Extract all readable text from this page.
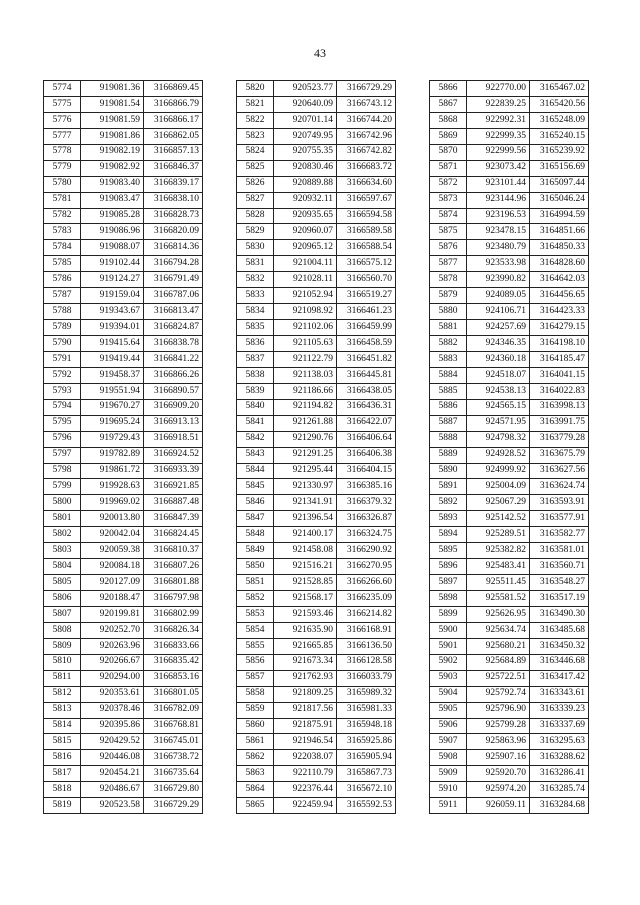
43
5774	919081.36	3166869.45
5775	919081.54	3166866.79
5776	919081.59	3166866.17
5777	919081.86	3166862.05
5778	919082.19	3166857.13
5779	919082.92	3166846.37
5780	919083.40	3166839.17
5781	919083.47	3166838.10
5782	919085.28	3166828.73
5783	919086.96	3166820.09
5784	919088.07	3166814.36
5785	919102.44	3166794.28
5786	919124.27	3166791.49
5787	919159.04	3166787.06
5788	919343.67	3166813.47
5789	919394.01	3166824.87
5790	919415.64	3166838.78
5791	919419.44	3166841.22
5792	919458.37	3166866.26
5793	919551.94	3166890.57
5794	919670.27	3166909.20
5795	919695.24	3166913.13
5796	919729.43	3166918.51
5797	919782.89	3166924.52
5798	919861.72	3166933.39
5799	919928.63	3166921.85
5800	919969.02	3166887.48
5801	920013.80	3166847.39
5802	920042.04	3166824.45
5803	920059.38	3166810.37
5804	920084.18	3166807.26
5805	920127.09	3166801.88
5806	920188.47	3166797.98
5807	920199.81	3166802.99
5808	920252.70	3166826.34
5809	920263.96	3166833.66
5810	920266.67	3166835.42
5811	920294.00	3166853.16
5812	920353.61	3166801.05
5813	920378.46	3166782.09
5814	920395.86	3166768.81
5815	920429.52	3166745.01
5816	920446.08	3166738.72
5817	920454.21	3166735.64
5818	920486.67	3166729.80
5819	920523.58	3166729.29
5820	920523.77	3166729.29
5821	920640.09	3166743.12
5822	920701.14	3166744.20
5823	920749.95	3166742.96
5824	920755.35	3166742.82
5825	920830.46	3166683.72
5826	920889.88	3166634.60
5827	920932.11	3166597.67
5828	920935.65	3166594.58
5829	920960.07	3166589.58
5830	920965.12	3166588.54
5831	921004.11	3166575.12
5832	921028.11	3166560.70
5833	921052.94	3166519.27
5834	921098.92	3166461.23
5835	921102.06	3166459.99
5836	921105.63	3166458.59
5837	921122.79	3166451.82
5838	921138.03	3166445.81
5839	921186.66	3166438.05
5840	921194.82	3166436.31
5841	921261.88	3166422.07
5842	921290.76	3166406.64
5843	921291.25	3166406.38
5844	921295.44	3166404.15
5845	921330.97	3166385.16
5846	921341.91	3166379.32
5847	921396.54	3166326.87
5848	921400.17	3166324.75
5849	921458.08	3166290.92
5850	921516.21	3166270.95
5851	921528.85	3166266.60
5852	921568.17	3166235.09
5853	921593.46	3166214.82
5854	921635.90	3166168.91
5855	921665.85	3166136.50
5856	921673.34	3166128.58
5857	921762.93	3166033.79
5858	921809.25	3165989.32
5859	921817.56	3165981.33
5860	921875.91	3165948.18
5861	921946.54	3165925.86
5862	922038.07	3165905.94
5863	922110.79	3165867.73
5864	922376.44	3165672.10
5865	922459.94	3165592.53
5866	922770.00	3165467.02
5867	922839.25	3165420.56
5868	922992.31	3165248.09
5869	922999.35	3165240.15
5870	922999.56	3165239.92
5871	923073.42	3165156.69
5872	923101.44	3165097.44
5873	923144.96	3165046.24
5874	923196.53	3164994.59
5875	923478.15	3164851.66
5876	923480.79	3164850.33
5877	923533.98	3164828.60
5878	923990.82	3164642.03
5879	924089.05	3164456.65
5880	924106.71	3164423.33
5881	924257.69	3164279.15
5882	924346.35	3164198.10
5883	924360.18	3164185.47
5884	924518.07	3164041.15
5885	924538.13	3164022.83
5886	924565.15	3163998.13
5887	924571.95	3163991.75
5888	924798.32	3163779.28
5889	924928.52	3163675.79
5890	924999.92	3163627.56
5891	925004.09	3163624.74
5892	925067.29	3163593.91
5893	925142.52	3163577.91
5894	925289.51	3163582.77
5895	925382.82	3163581.01
5896	925483.41	3163560.71
5897	925511.45	3163548.27
5898	925581.52	3163517.19
5899	925626.95	3163490.30
5900	925634.74	3163485.68
5901	925680.21	3163450.32
5902	925684.89	3163446.68
5903	925722.51	3163417.42
5904	925792.74	3163343.61
5905	925796.90	3163339.23
5906	925799.28	3163337.69
5907	925863.96	3163295.63
5908	925907.16	3163288.62
5909	925920.70	3163286.41
5910	925974.20	3163285.74
5911	926059.11	3163284.68
